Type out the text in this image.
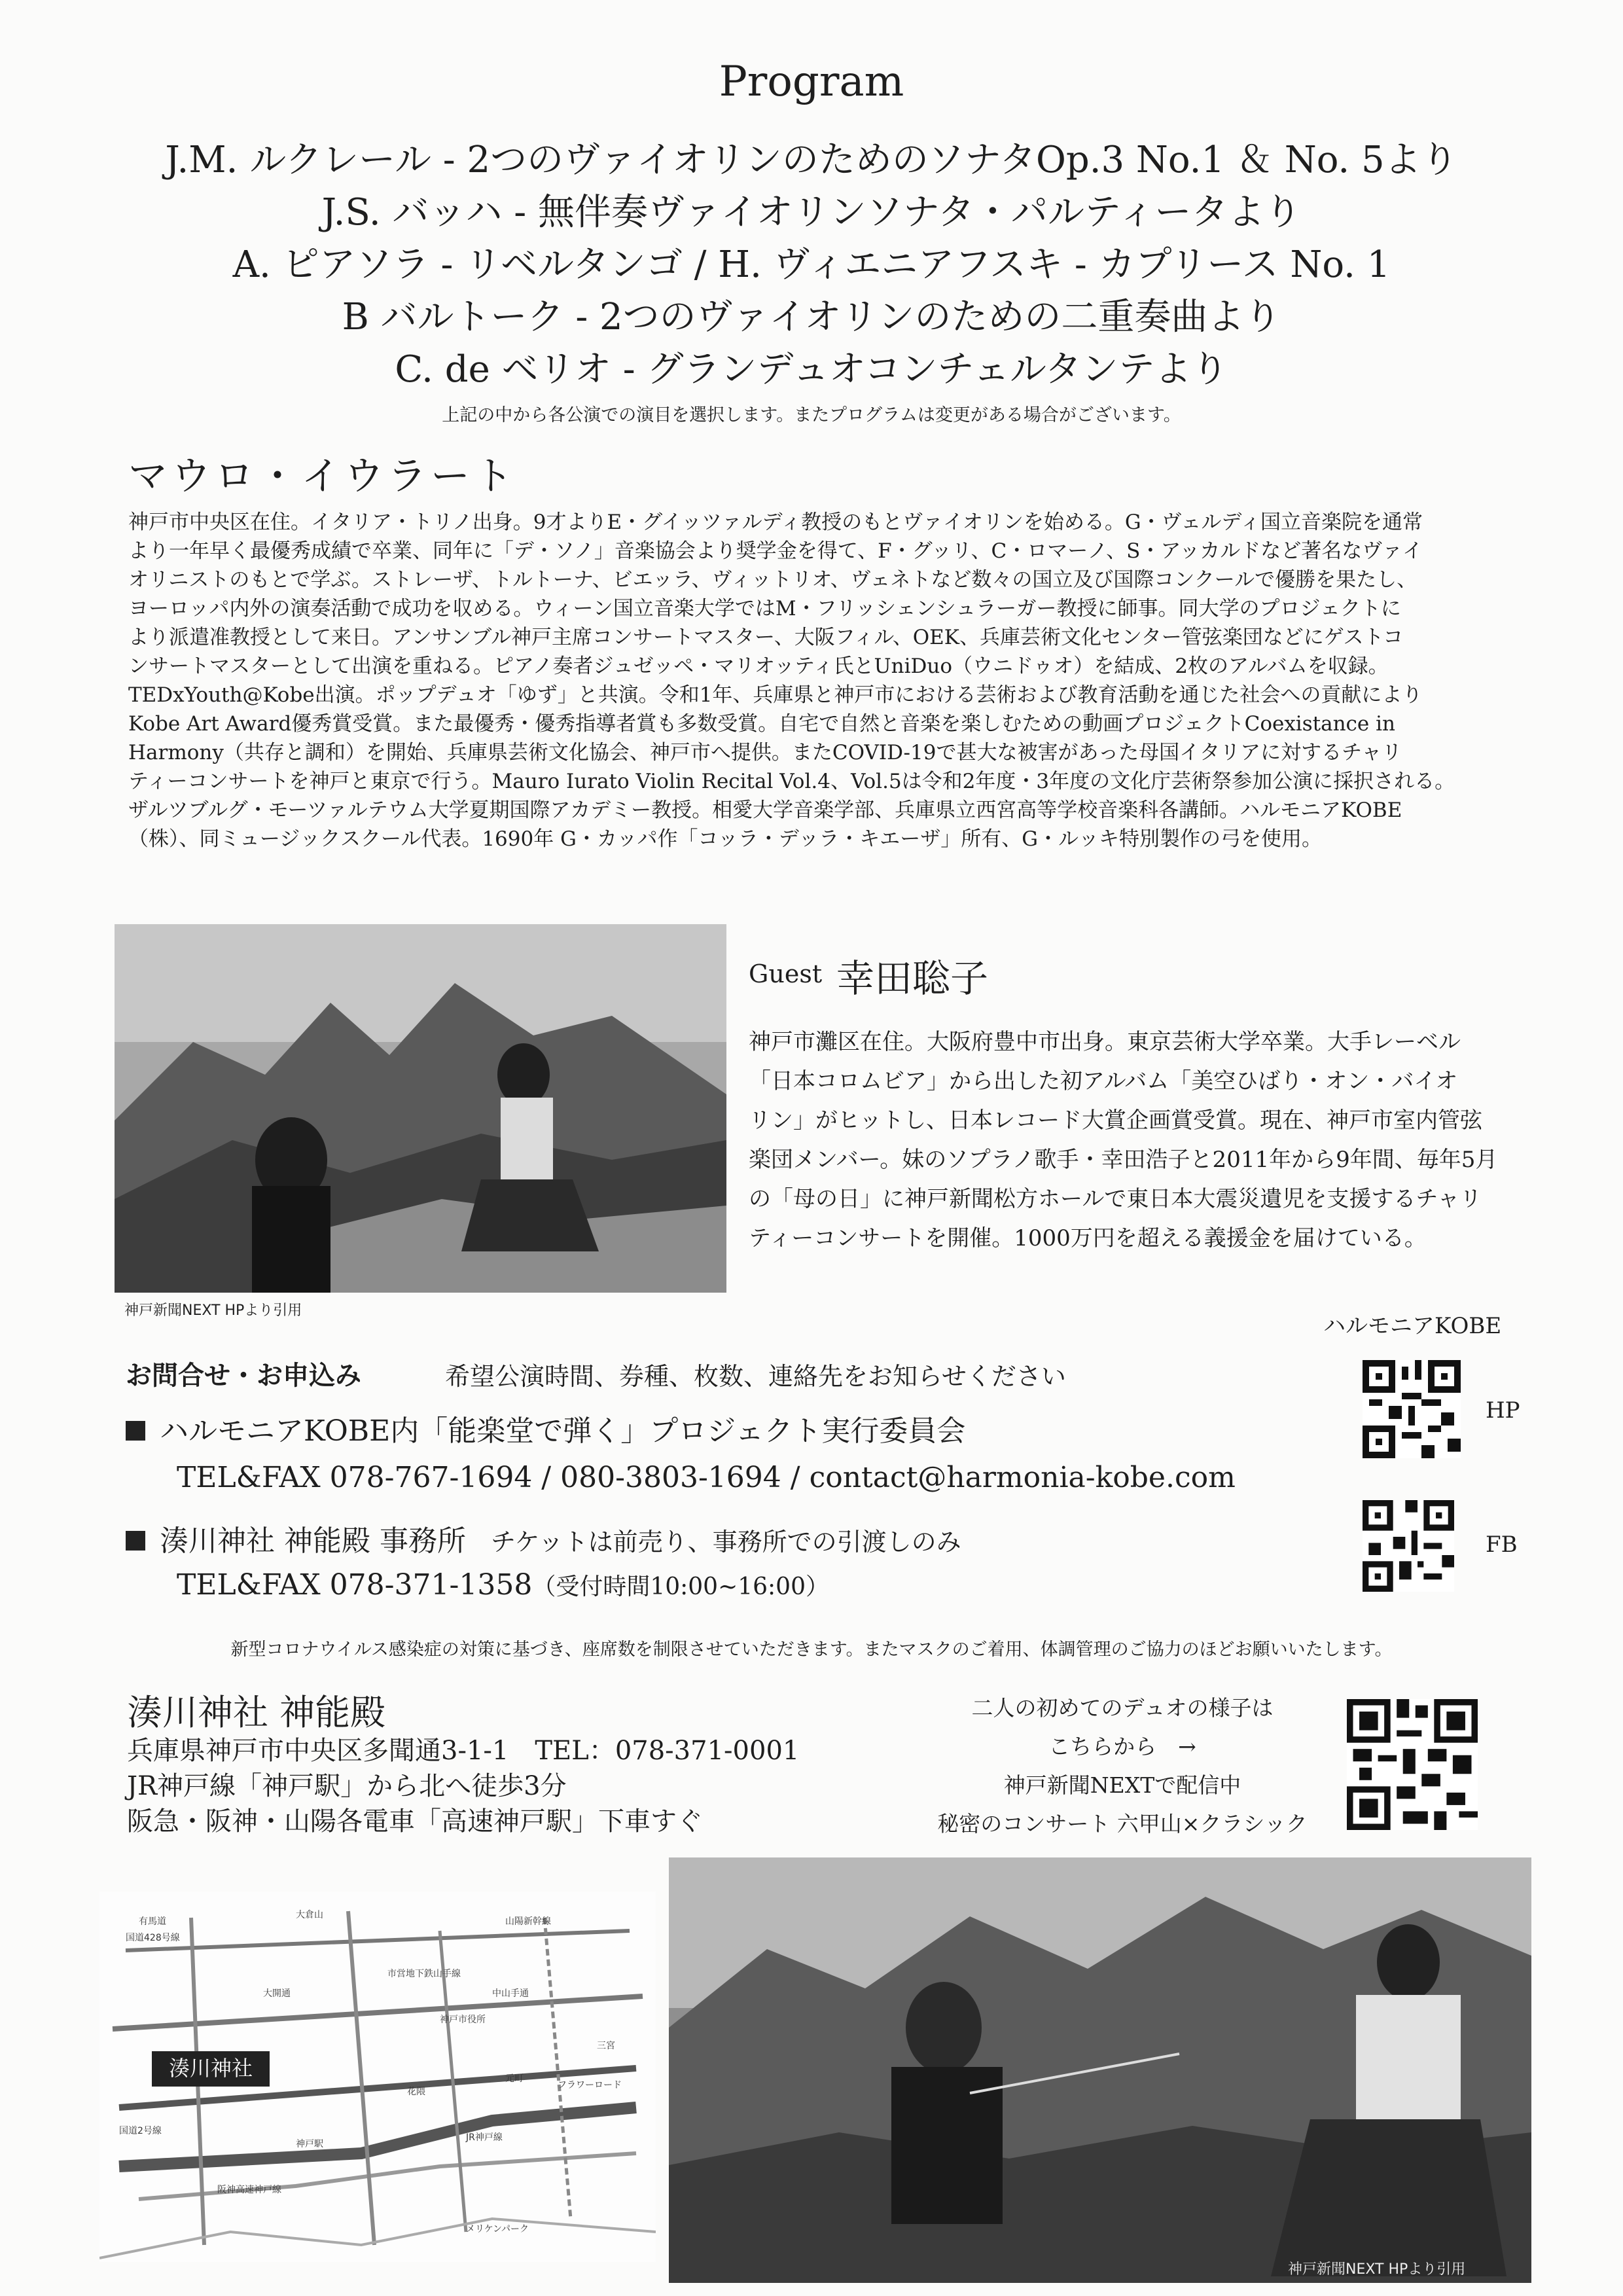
Program
J.M. ルクレール - 2つのヴァイオリンのためのソナタOp.3 No.1 ＆ No. 5より
J.S. バッハ - 無伴奏ヴァイオリンソナタ・パルティータより
A. ピアソラ - リベルタンゴ / H. ヴィエニアフスキ - カプリース No. 1
B バルトーク - 2つのヴァイオリンのための二重奏曲より
C. de ベリオ - グランデュオコンチェルタンテより
上記の中から各公演での演目を選択します。またプログラムは変更がある場合がございます。
マウロ・イウラート
神戸市中央区在住。イタリア・トリノ出身。9才よりE・グイッツァルディ教授のもとヴァイオリンを始める。G・ヴェルディ国立音楽院を通常
より一年早く最優秀成績で卒業、同年に「デ・ソノ」音楽協会より奨学金を得て、F・グッリ、C・ロマーノ、S・アッカルドなど著名なヴァイ
オリニストのもとで学ぶ。ストレーザ、トルトーナ、ビエッラ、ヴィットリオ、ヴェネトなど数々の国立及び国際コンクールで優勝を果たし、
ヨーロッパ内外の演奏活動で成功を収める。ウィーン国立音楽大学ではM・フリッシェンシュラーガー教授に師事。同大学のプロジェクトに
より派遣准教授として来日。アンサンブル神戸主席コンサートマスター、大阪フィル、OEK、兵庫芸術文化センター管弦楽団などにゲストコ
ンサートマスターとして出演を重ねる。ピアノ奏者ジュゼッペ・マリオッティ氏とUniDuo（ウニドゥオ）を結成、2枚のアルバムを収録。
TEDxYouth@Kobe出演。ポップデュオ「ゆず」と共演。令和1年、兵庫県と神戸市における芸術および教育活動を通じた社会への貢献により
Kobe Art Award優秀賞受賞。また最優秀・優秀指導者賞も多数受賞。自宅で自然と音楽を楽しむための動画プロジェクトCoexistance in
Harmony（共存と調和）を開始、兵庫県芸術文化協会、神戸市へ提供。またCOVID-19で甚大な被害があった母国イタリアに対するチャリ
ティーコンサートを神戸と東京で行う。Mauro Iurato Violin Recital Vol.4、Vol.5は令和2年度・3年度の文化庁芸術祭参加公演に採択される。
ザルツブルグ・モーツァルテウム大学夏期国際アカデミー教授。相愛大学音楽学部、兵庫県立西宮高等学校音楽科各講師。ハルモニアKOBE
（株）、同ミュージックスクール代表。1690年 G・カッパ作「コッラ・デッラ・キエーザ」所有、G・ルッキ特別製作の弓を使用。
神戸新聞NEXT HPより引用
Guest 幸田聡子
神戸市灘区在住。大阪府豊中市出身。東京芸術大学卒業。大手レーベル
「日本コロムビア」から出した初アルバム「美空ひばり・オン・バイオ
リン」がヒットし、日本レコード大賞企画賞受賞。現在、神戸市室内管弦
楽団メンバー。妹のソプラノ歌手・幸田浩子と2011年から9年間、毎年5月
の「母の日」に神戸新聞松方ホールで東日本大震災遺児を支援するチャリ
ティーコンサートを開催。1000万円を超える義援金を届けている。
お問合せ・お申込み	希望公演時間、券種、枚数、連絡先をお知らせください
ハルモニアKOBE内「能楽堂で弾く」プロジェクト実行委員会
TEL&FAX 078-767-1694 / 080-3803-1694 / contact@harmonia-kobe.com
湊川神社 神能殿 事務所 チケットは前売り、事務所での引渡しのみ
TEL&FAX 078-371-1358（受付時間10:00~16:00）
ハルモニアKOBE
HP
FB
新型コロナウイルス感染症の対策に基づき、座席数を制限させていただきます。またマスクのご着用、体調管理のご協力のほどお願いいたします。
湊川神社 神能殿
兵庫県神戸市中央区多聞通3-1-1　TEL：078-371-0001
JR神戸線「神戸駅」から北へ徒歩3分
阪急・阪神・山陽各電車「高速神戸駅」下車すぐ
二人の初めてのデュオの様子は
こちらから　→
神戸新聞NEXTで配信中
秘密のコンサート 六甲山×クラシック
湊川神社
国道428号線
有馬道
大倉山
山陽新幹線
市営地下鉄山手線
中山手通
神戸市役所
国道2号線
大開通
神戸駅
花隈
JR神戸線
阪神高速神戸線
フラワーロード
メリケンパーク
元町
三宮
神戸新聞NEXT HPより引用
